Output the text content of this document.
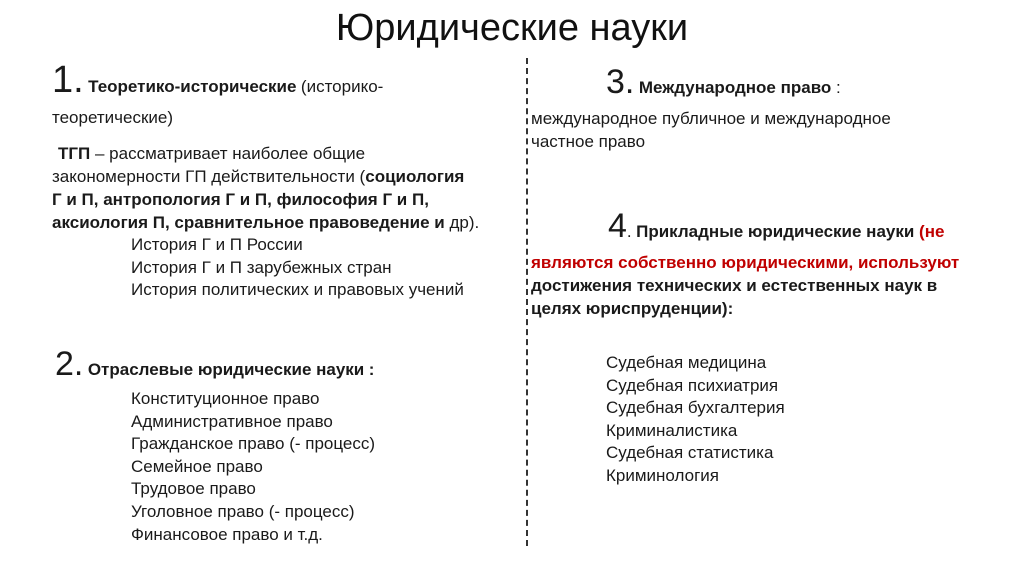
Юридические науки
1. Теоретико-исторические (историко-
теоретические)
ТГП – рассматривает наиболее общие
закономерности ГП действительности (социология
Г и П, антропология Г и П, философия Г и П,
аксиология П, сравнительное правоведение и др).
История Г и П России
История Г и П зарубежных стран
История политических и правовых учений
2. Отраслевые юридические науки :
Конституционное право
Административное право
Гражданское право (- процесс)
Семейное право
Трудовое право
Уголовное право (- процесс)
Финансовое право и т.д.
3. Международное право :
международное публичное и международное
частное право
4. Прикладные юридические науки (не
являются собственно юридическими, используют
достижения технических и естественных наук в
целях юриспруденции):
Судебная медицина
Судебная психиатрия
Судебная бухгалтерия
Криминалистика
Судебная статистика
Криминология
